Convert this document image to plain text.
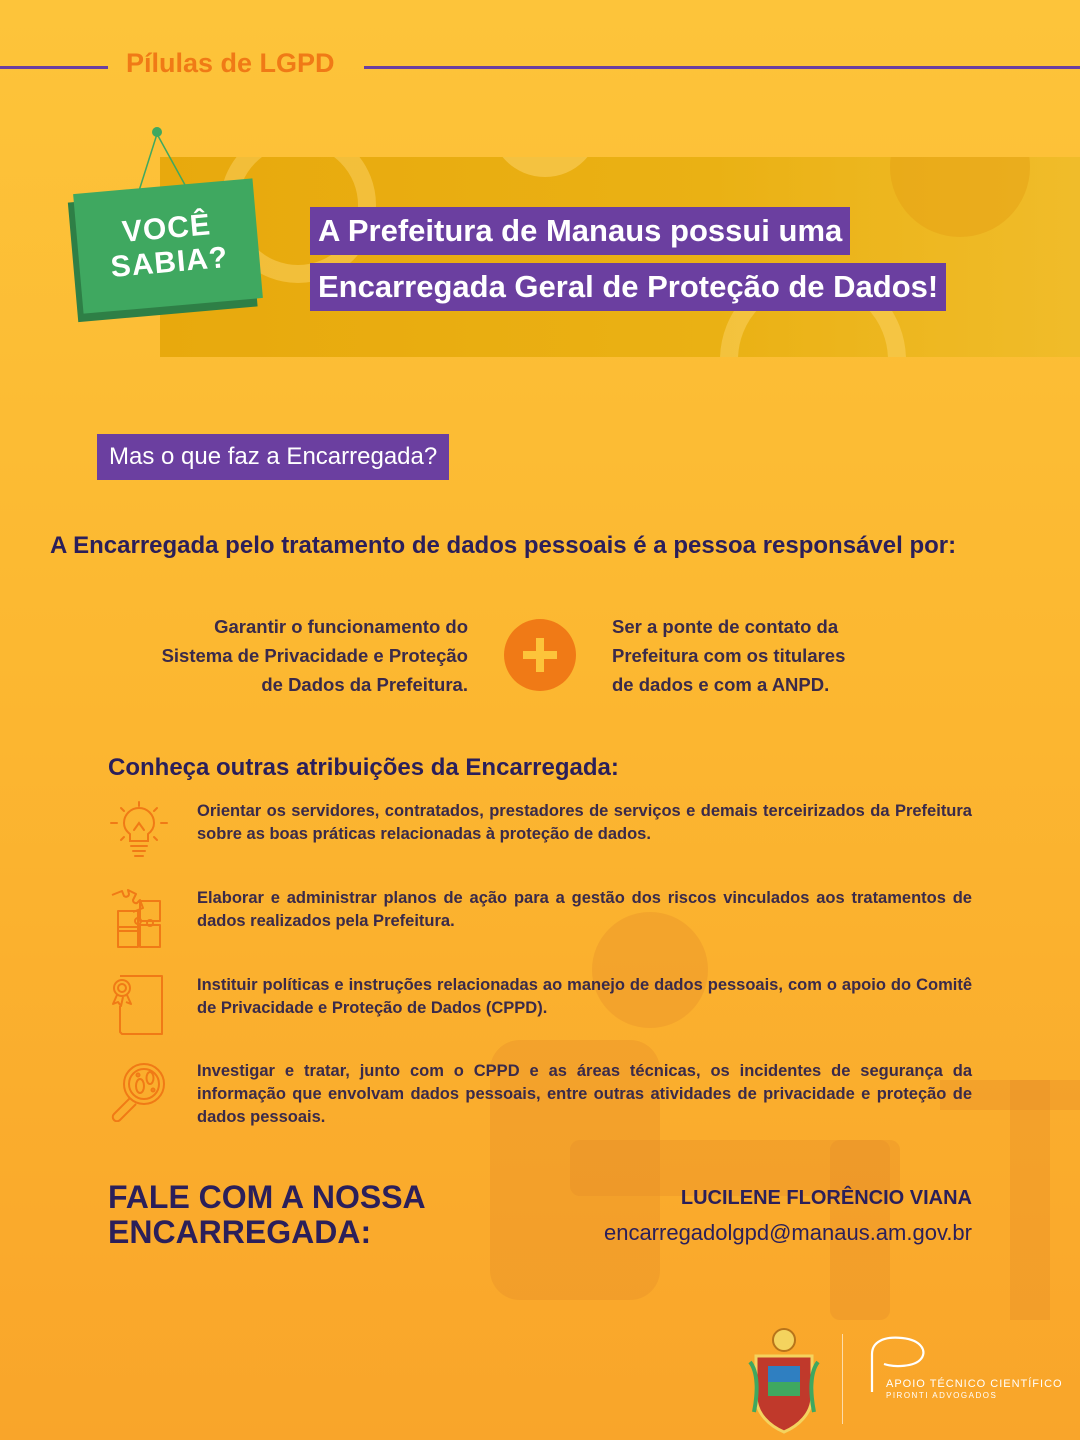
Pílulas de LGPD
VOCÊ
SABIA?
A Prefeitura de Manaus possui uma
Encarregada Geral de Proteção de Dados!
Mas o que faz a Encarregada?
A Encarregada pelo tratamento de dados pessoais é a pessoa responsável por:
Garantir o funcionamento do
Sistema de Privacidade e Proteção
de Dados da Prefeitura.
Ser a ponte de contato da
Prefeitura com os titulares
de dados e com a ANPD.
Conheça outras atribuições da Encarregada:
Orientar os servidores, contratados, prestadores de serviços e demais terceirizados da Prefeitura sobre as boas práticas relacionadas à proteção de dados.
Elaborar e administrar planos de ação para a gestão dos riscos vinculados aos tratamentos de dados realizados pela Prefeitura.
Instituir políticas e instruções relacionadas ao manejo de dados pessoais, com o apoio do Comitê de Privacidade e Proteção de Dados (CPPD).
Investigar e tratar, junto com o CPPD e as áreas técnicas, os incidentes de segurança da informação que envolvam dados pessoais, entre outras atividades de privacidade e proteção de dados pessoais.
FALE COM A NOSSA
ENCARREGADA:
LUCILENE FLORÊNCIO VIANA
encarregadolgpd@manaus.am.gov.br
APOIO TÉCNICO CIENTÍFICO
PIRONTI ADVOGADOS
